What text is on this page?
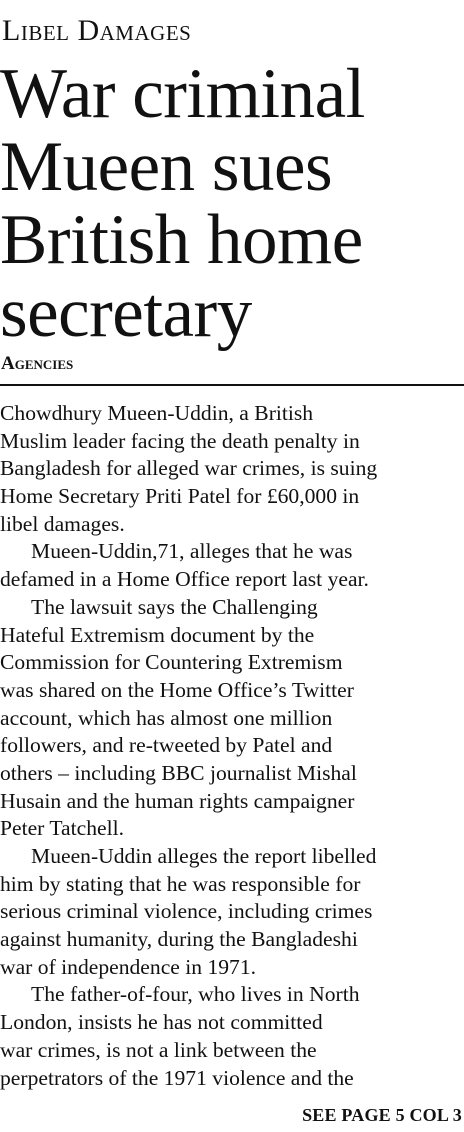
Libel Damages
War criminal
Mueen sues
British home
secretary
Agencies
Chowdhury Mueen-Uddin, a British
Muslim leader facing the death penalty in
Bangladesh for alleged war crimes, is suing
Home Secretary Priti Patel for £60,000 in
libel damages.
Mueen-Uddin,71, alleges that he was
defamed in a Home Office report last year.
The lawsuit says the Challenging
Hateful Extremism document by the
Commission for Countering Extremism
was shared on the Home Office’s Twitter
account, which has almost one million
followers, and re-tweeted by Patel and
others – including BBC journalist Mishal
Husain and the human rights campaigner
Peter Tatchell.
Mueen-Uddin alleges the report libelled
him by stating that he was responsible for
serious criminal violence, including crimes
against humanity, during the Bangladeshi
war of independence in 1971.
The father-of-four, who lives in North
London, insists he has not committed
war crimes, is not a link between the
perpetrators of the 1971 violence and the
SEE PAGE 5 COL 3
